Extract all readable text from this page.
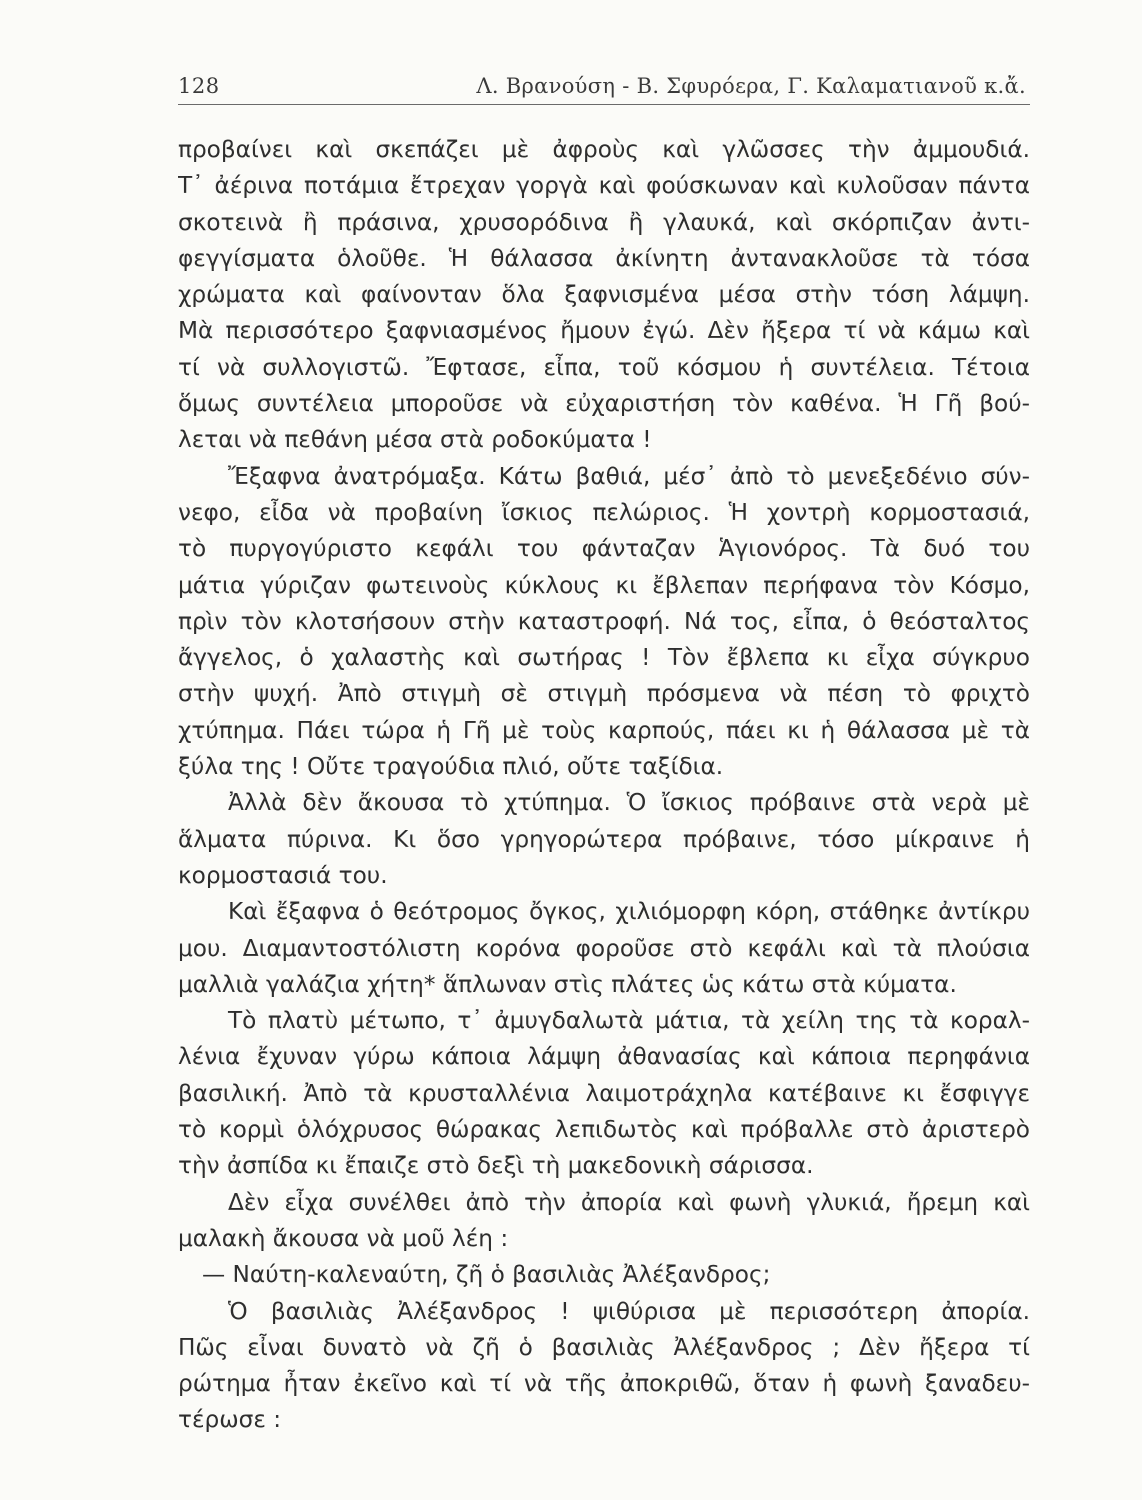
128	Λ. Βρανούση - Β. Σφυρόερα, Γ. Καλαματιανοῦ κ.ἄ.
προβαίνει καὶ σκεπάζει μὲ ἀφροὺς καὶ γλῶσσες τὴν ἀμμουδιά.
Τ᾽ ἀέρινα ποτάμια ἔτρεχαν γοργὰ καὶ φούσκωναν καὶ κυλοῦσαν πάντα
σκοτεινὰ ἢ πράσινα, χρυσορόδινα ἢ γλαυκά, καὶ σκόρπιζαν ἀντι-
φεγγίσματα ὁλοῦθε. Ἡ θάλασσα ἀκίνητη ἀντανακλοῦσε τὰ τόσα
χρώματα καὶ φαίνονταν ὅλα ξαφνισμένα μέσα στὴν τόση λάμψη.
Μὰ περισσότερο ξαφνιασμένος ἤμουν ἐγώ. Δὲν ἤξερα τί νὰ κάμω καὶ
τί νὰ συλλογιστῶ. Ἔφτασε, εἶπα, τοῦ κόσμου ἡ συντέλεια. Τέτοια
ὅμως συντέλεια μποροῦσε νὰ εὐχαριστήση τὸν καθένα. Ἡ Γῆ βού-
λεται νὰ πεθάνη μέσα στὰ ροδοκύματα !
Ἔξαφνα ἀνατρόμαξα. Κάτω βαθιά, μέσ᾽ ἀπὸ τὸ μενεξεδένιο σύν-
νεφο, εἶδα νὰ προβαίνη ἴσκιος πελώριος. Ἡ χοντρὴ κορμοστασιά,
τὸ πυργογύριστο κεφάλι του φάνταζαν Ἁγιονόρος. Τὰ δυό του
μάτια γύριζαν φωτεινοὺς κύκλους κι ἔβλεπαν περήφανα τὸν Κόσμο,
πρὶν τὸν κλοτσήσουν στὴν καταστροφή. Νά τος, εἶπα, ὁ θεόσταλτος
ἄγγελος, ὁ χαλαστὴς καὶ σωτήρας ! Τὸν ἔβλεπα κι εἶχα σύγκρυο
στὴν ψυχή. Ἀπὸ στιγμὴ σὲ στιγμὴ πρόσμενα νὰ πέση τὸ φριχτὸ
χτύπημα. Πάει τώρα ἡ Γῆ μὲ τοὺς καρπούς, πάει κι ἡ θάλασσα μὲ τὰ
ξύλα της ! Οὔτε τραγούδια πλιό, οὔτε ταξίδια.
Ἀλλὰ δὲν ἄκουσα τὸ χτύπημα. Ὁ ἴσκιος πρόβαινε στὰ νερὰ μὲ
ἅλματα πύρινα. Κι ὅσο γρηγορώτερα πρόβαινε, τόσο μίκραινε ἡ
κορμοστασιά του.
Καὶ ἔξαφνα ὁ θεότρομος ὄγκος, χιλιόμορφη κόρη, στάθηκε ἀντίκρυ
μου. Διαμαντοστόλιστη κορόνα φοροῦσε στὸ κεφάλι καὶ τὰ πλούσια
μαλλιὰ γαλάζια χήτη* ἅπλωναν στὶς πλάτες ὡς κάτω στὰ κύματα.
Τὸ πλατὺ μέτωπο, τ᾽ ἀμυγδαλωτὰ μάτια, τὰ χείλη της τὰ κοραλ-
λένια ἔχυναν γύρω κάποια λάμψη ἀθανασίας καὶ κάποια περηφάνια
βασιλική. Ἀπὸ τὰ κρυσταλλένια λαιμοτράχηλα κατέβαινε κι ἔσφιγγε
τὸ κορμὶ ὁλόχρυσος θώρακας λεπιδωτὸς καὶ πρόβαλλε στὸ ἀριστερὸ
τὴν ἀσπίδα κι ἔπαιζε στὸ δεξὶ τὴ μακεδονικὴ σάρισσα.
Δὲν εἶχα συνέλθει ἀπὸ τὴν ἀπορία καὶ φωνὴ γλυκιά, ἤρεμη καὶ
μαλακὴ ἄκουσα νὰ μοῦ λέη :
— Ναύτη-καλεναύτη, ζῆ ὁ βασιλιὰς Ἀλέξανδρος;
Ὁ βασιλιὰς Ἀλέξανδρος ! ψιθύρισα μὲ περισσότερη ἀπορία.
Πῶς εἶναι δυνατὸ νὰ ζῆ ὁ βασιλιὰς Ἀλέξανδρος ; Δὲν ἤξερα τί
ρώτημα ἦταν ἐκεῖνο καὶ τί νὰ τῆς ἀποκριθῶ, ὅταν ἡ φωνὴ ξαναδευ-
τέρωσε :
